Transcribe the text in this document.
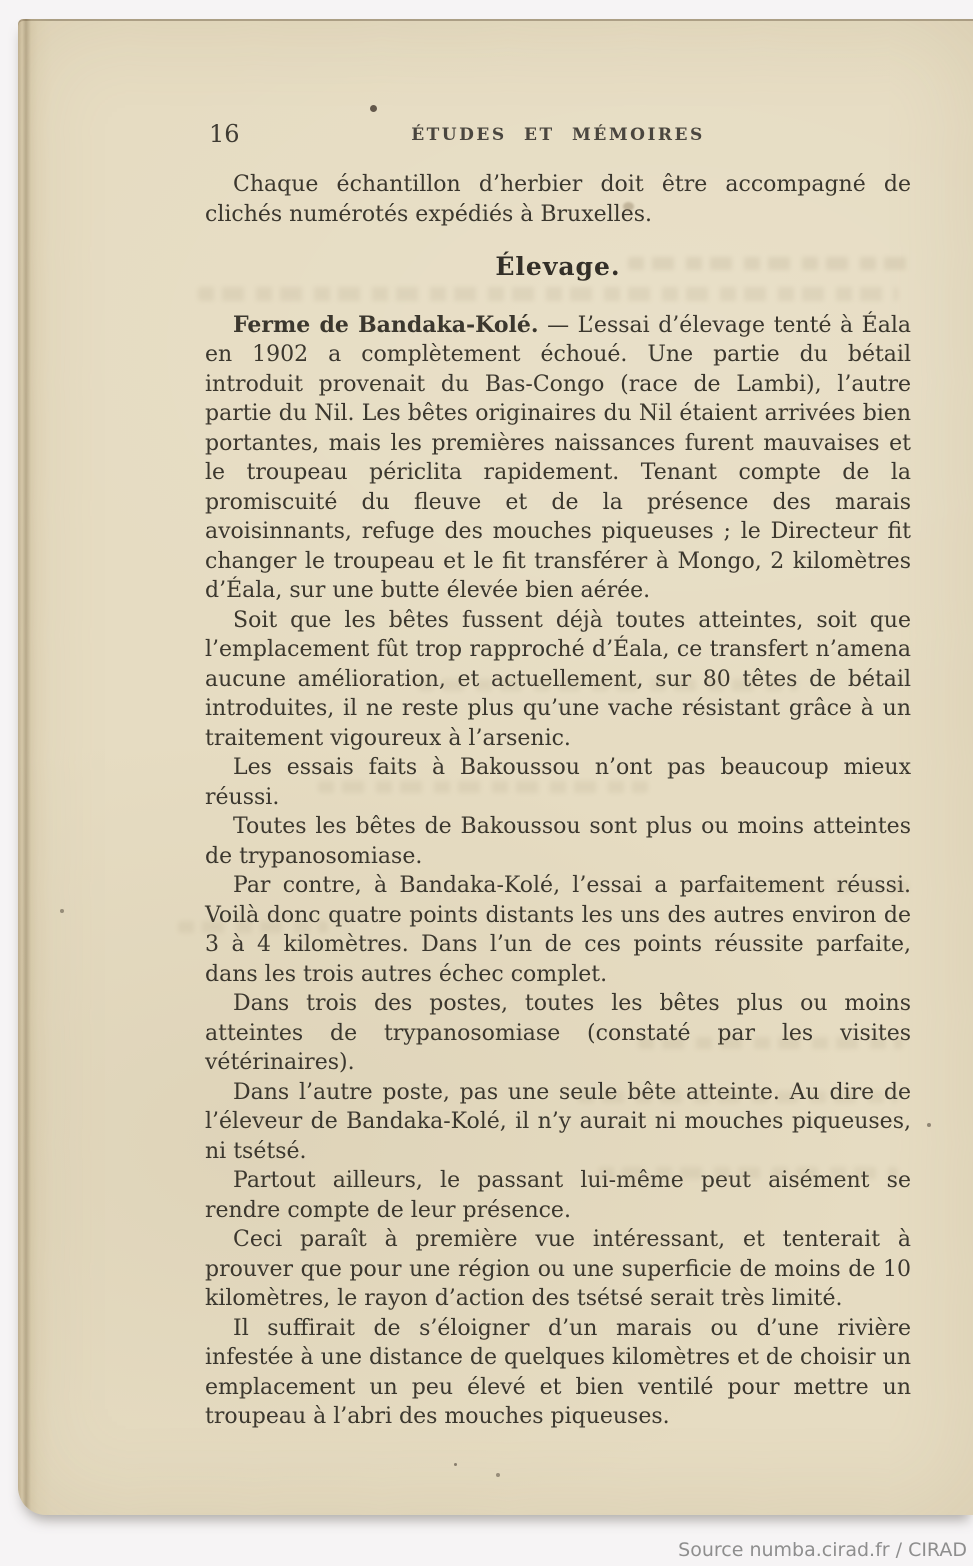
16	ÉTUDES ET MÉMOIRES

Chaque échantillon d’herbier doit être accompagné de clichés numérotés expédiés à Bruxelles.

Élevage.

Ferme de Bandaka-Kolé. — L’essai d’élevage tenté à Éala en 1902 a complètement échoué. Une partie du bétail introduit provenait du Bas-Congo (race de Lambi), l’autre partie du Nil. Les bêtes originaires du Nil étaient arrivées bien portantes, mais les premières naissances furent mauvaises et le troupeau périclita rapidement. Tenant compte de la promiscuité du fleuve et de la présence des marais avoisinnants, refuge des mouches piqueuses ; le Directeur fit changer le troupeau et le fit transférer à Mongo, 2 kilomètres d’Éala, sur une butte élevée bien aérée.

Soit que les bêtes fussent déjà toutes atteintes, soit que l’emplacement fût trop rapproché d’Éala, ce transfert n’amena aucune amélioration, et actuellement, sur 80 têtes de bétail introduites, il ne reste plus qu’une vache résistant grâce à un traitement vigoureux à l’arsenic.

Les essais faits à Bakoussou n’ont pas beaucoup mieux réussi.

Toutes les bêtes de Bakoussou sont plus ou moins atteintes de trypanosomiase.

Par contre, à Bandaka-Kolé, l’essai a parfaitement réussi. Voilà donc quatre points distants les uns des autres environ de 3 à 4 kilomètres. Dans l’un de ces points réussite parfaite, dans les trois autres échec complet.

Dans trois des postes, toutes les bêtes plus ou moins atteintes de trypanosomiase (constaté par les visites vétérinaires).

Dans l’autre poste, pas une seule bête atteinte. Au dire de l’éleveur de Bandaka-Kolé, il n’y aurait ni mouches piqueuses, ni tsétsé.

Partout ailleurs, le passant lui-même peut aisément se rendre compte de leur présence.

Ceci paraît à première vue intéressant, et tenterait à prouver que pour une région ou une superficie de moins de 10 kilomètres, le rayon d’action des tsétsé serait très limité.

Il suffirait de s’éloigner d’un marais ou d’une rivière infestée à une distance de quelques kilomètres et de choisir un emplacement un peu élevé et bien ventilé pour mettre un troupeau à l’abri des mouches piqueuses.

Source numba.cirad.fr / CIRAD
